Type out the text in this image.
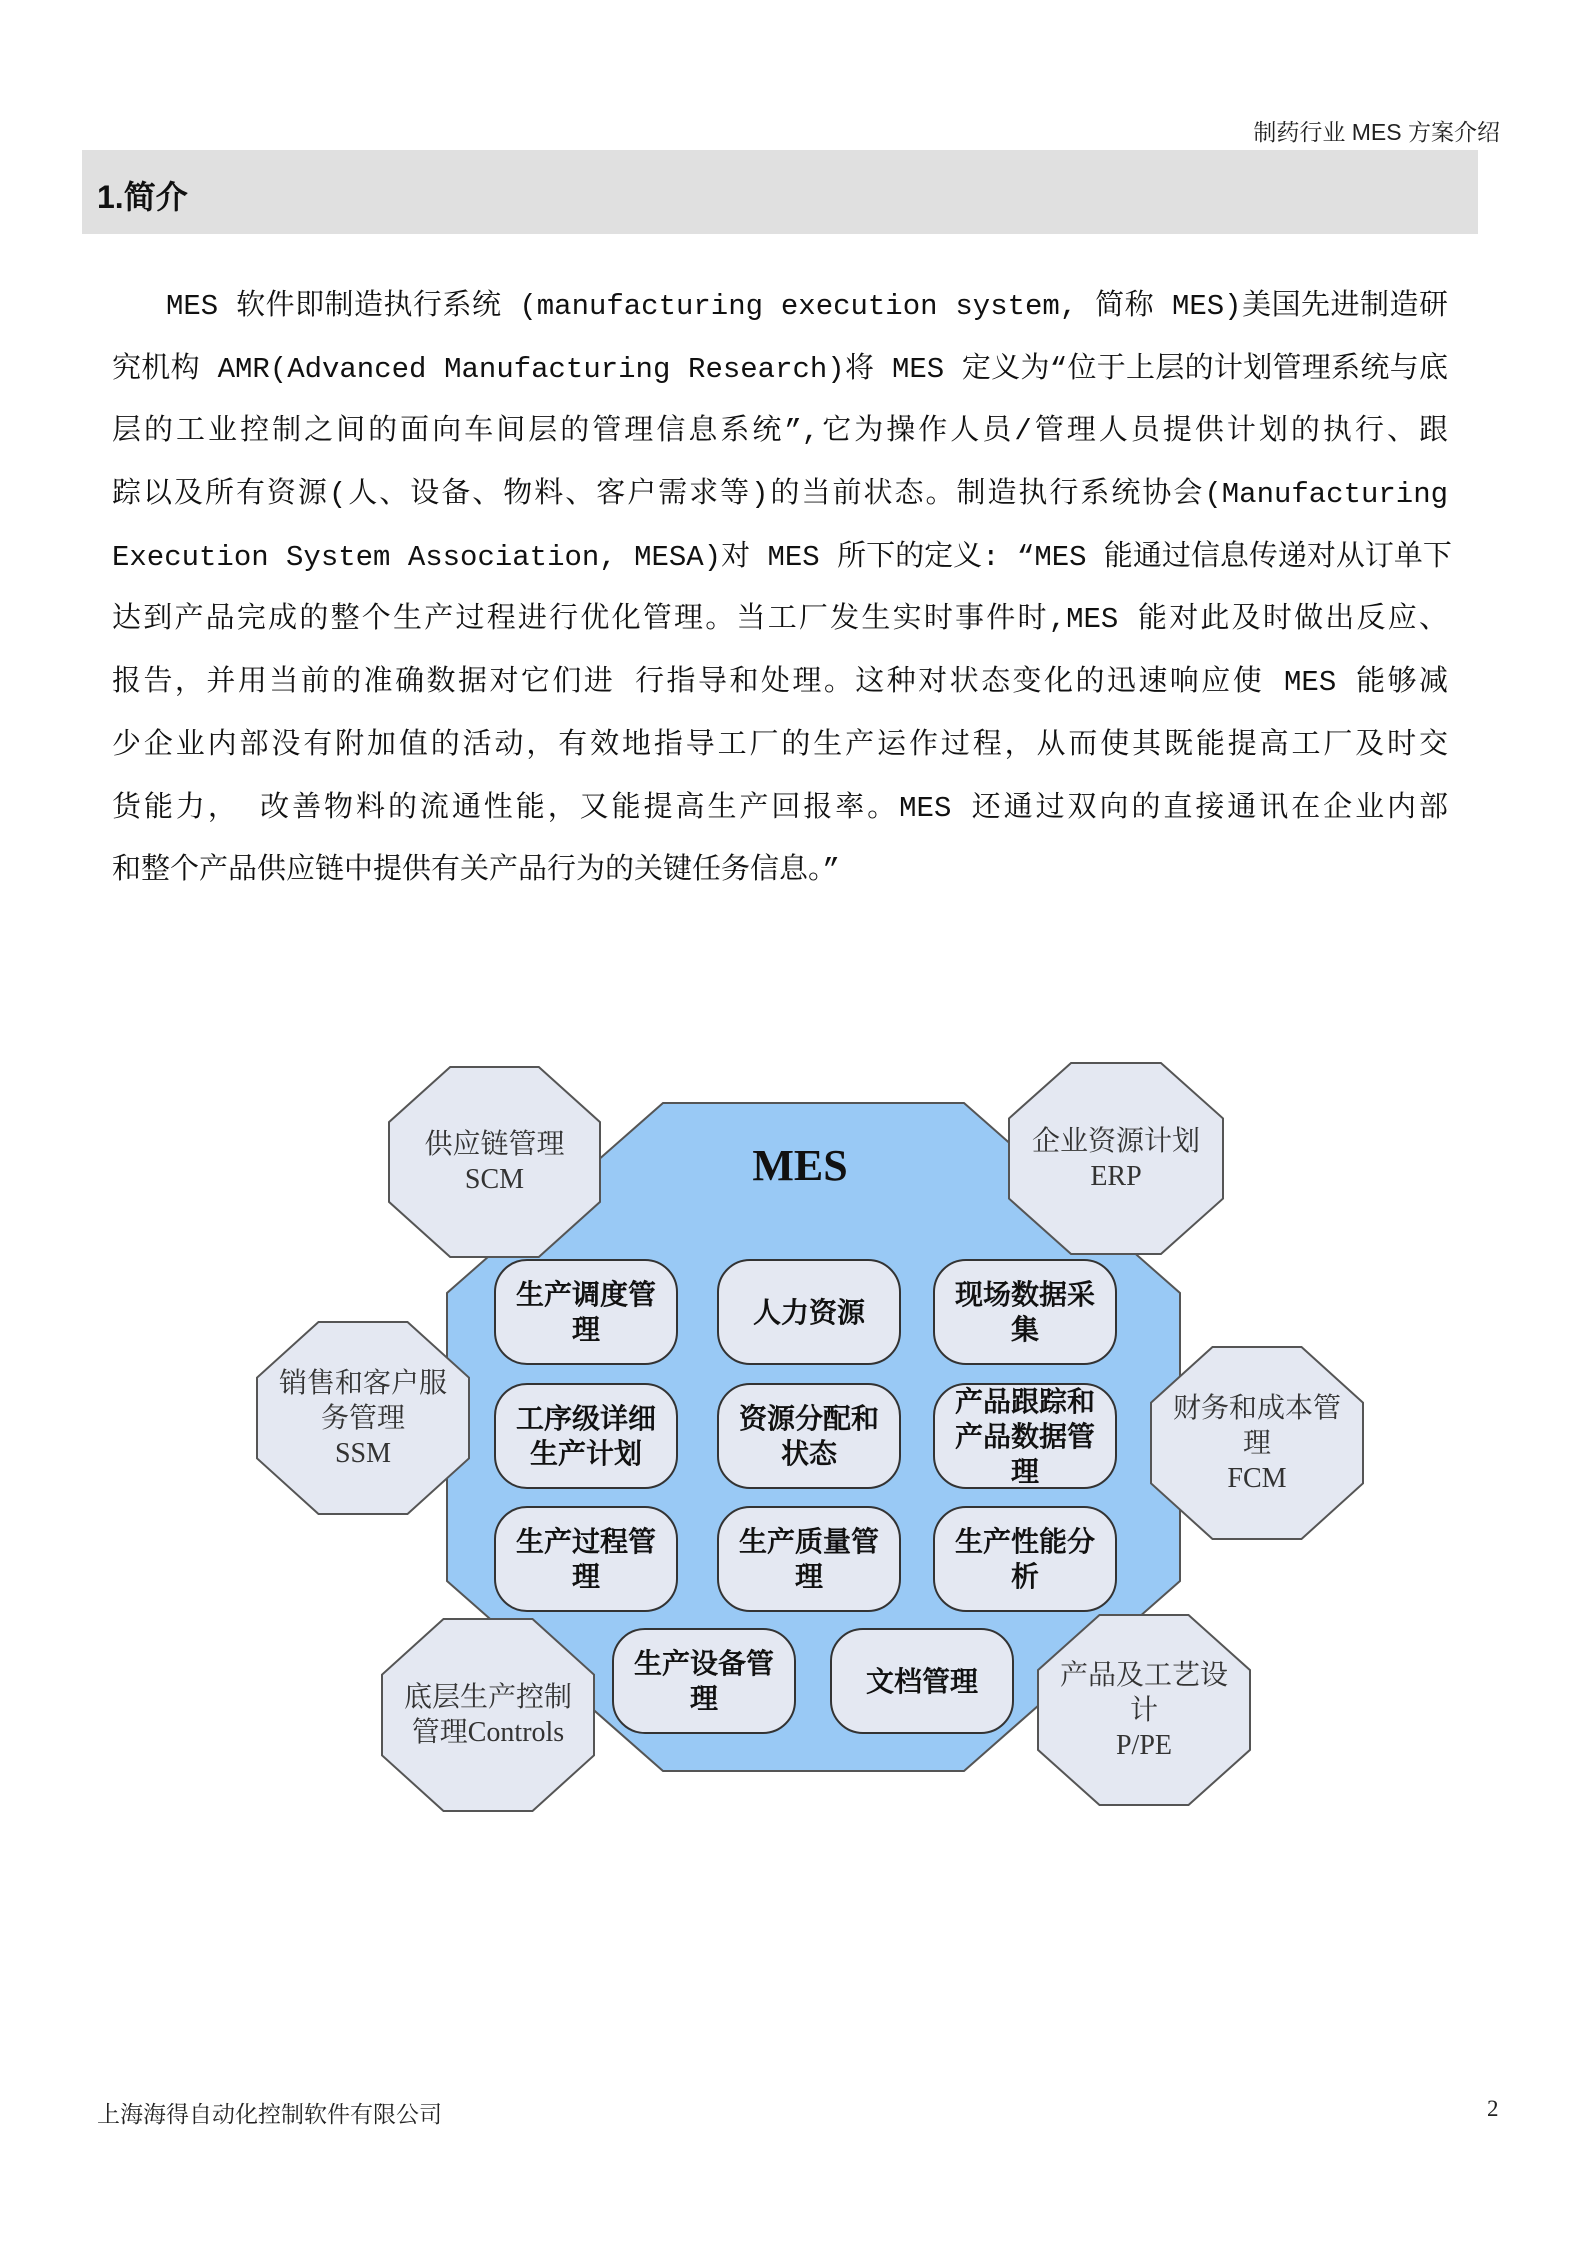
制药行业 MES 方案介绍
1.简介
MES 软件即制造执行系统 (manufacturing execution system, 简称 MES)美国先进制造研
究机构 AMR(Advanced Manufacturing Research)将 MES 定义为“位于上层的计划管理系统与底
层的工业控制之间的面向车间层的管理信息系统”,它为操作人员/管理人员提供计划的执行、跟
踪以及所有资源(人、设备、物料、客户需求等)的当前状态。制造执行系统协会(Manufacturing
Execution System Association, MESA)对 MES 所下的定义: “MES 能通过信息传递对从订单下
达到产品完成的整个生产过程进行优化管理。当工厂发生实时事件时,MES 能对此及时做出反应、
报告，并用当前的准确数据对它们进 行指导和处理。这种对状态变化的迅速响应使 MES 能够减
少企业内部没有附加值的活动，有效地指导工厂的生产运作过程，从而使其既能提高工厂及时交
货能力， 改善物料的流通性能，又能提高生产回报率。MES 还通过双向的直接通讯在企业内部
和整个产品供应链中提供有关产品行为的关键任务信息。”
MES
供应链管理
SCM
企业资源计划
ERP
销售和客户服
务管理
SSM
财务和成本管
理
FCM
底层生产控制
管理Controls
产品及工艺设
计
P/PE
生产调度管理
人力资源
现场数据采集
工序级详细生产计划
资源分配和状态
产品跟踪和产品数据管理
生产过程管理
生产质量管理
生产性能分析
生产设备管理
文档管理
上海海得自动化控制软件有限公司	2
